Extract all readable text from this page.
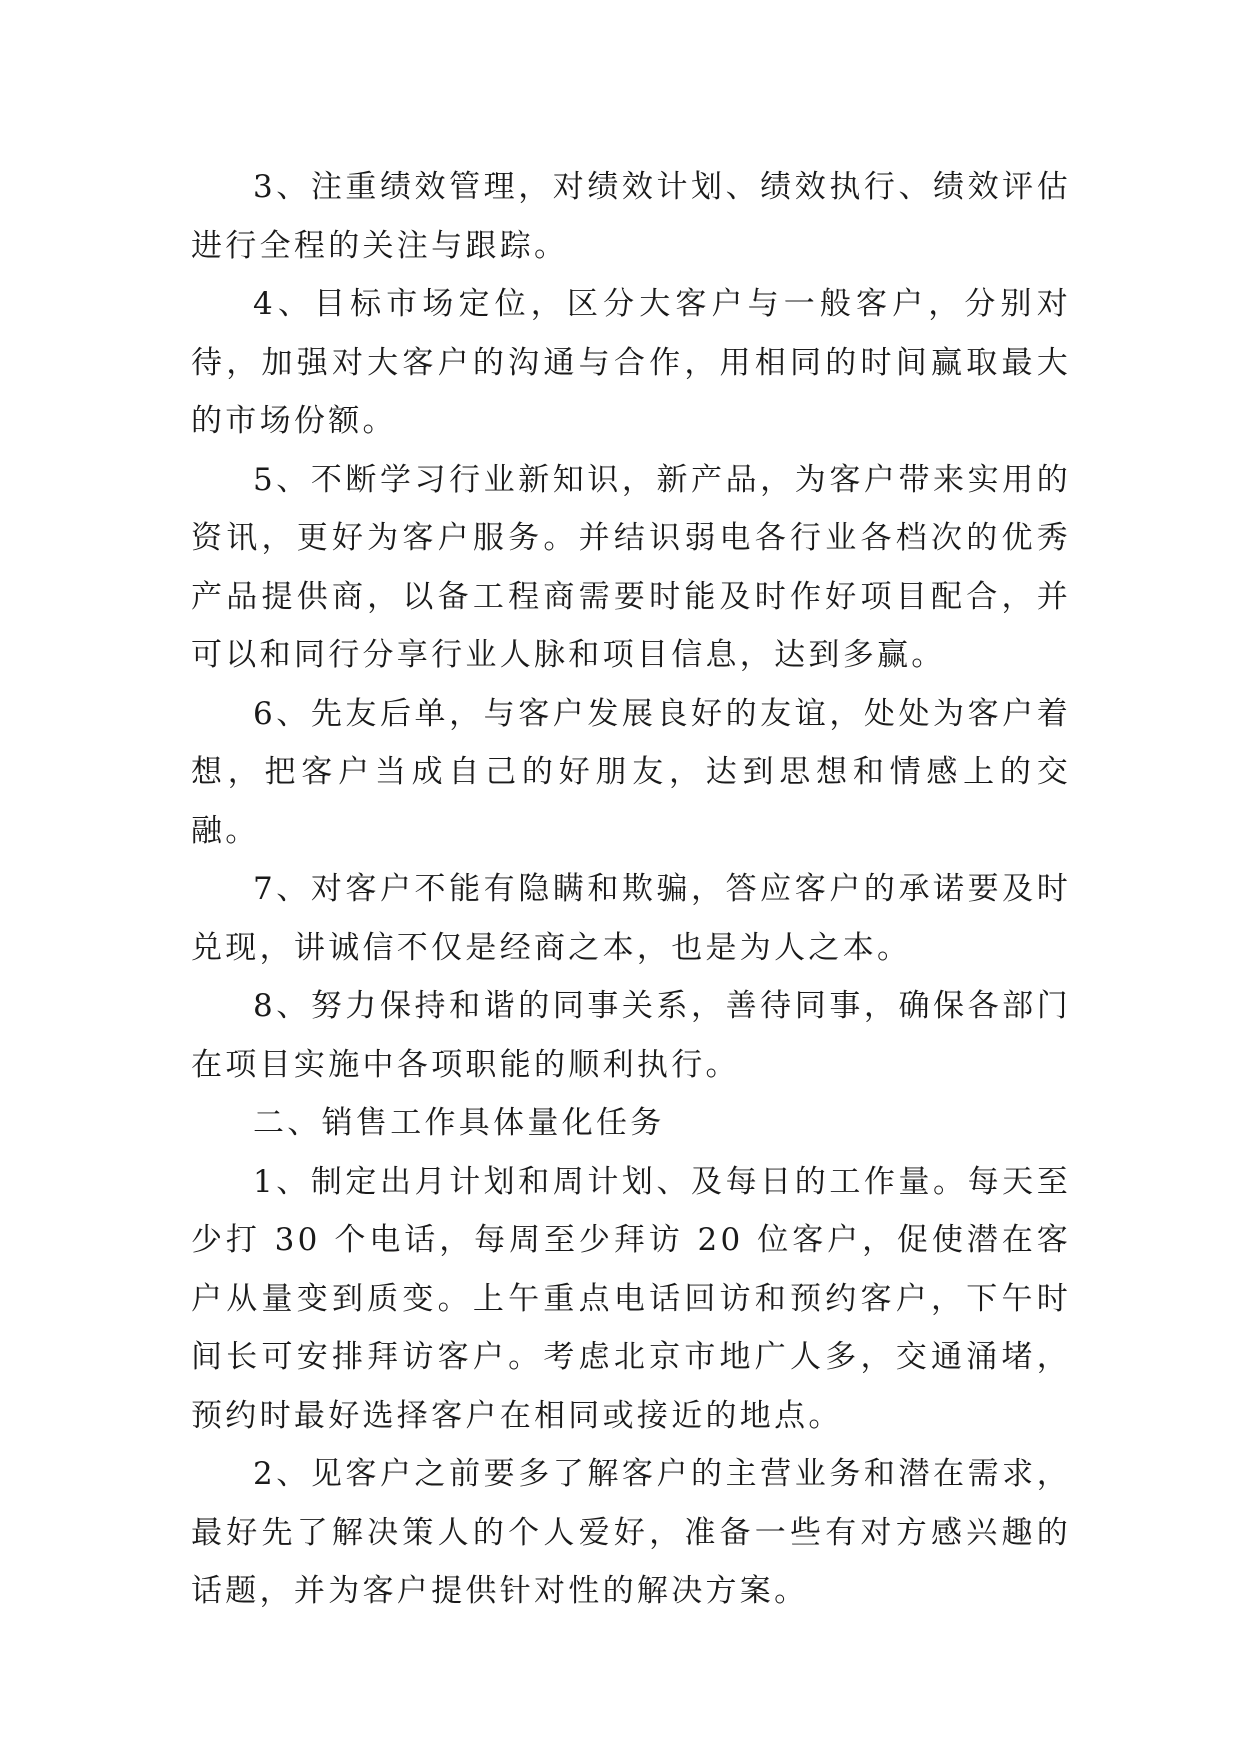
3、注重绩效管理，对绩效计划、绩效执行、绩效评估进行全程的关注与跟踪。

4、目标市场定位，区分大客户与一般客户，分别对待，加强对大客户的沟通与合作，用相同的时间赢取最大的市场份额。

5、不断学习行业新知识，新产品，为客户带来实用的资讯，更好为客户服务。并结识弱电各行业各档次的优秀产品提供商，以备工程商需要时能及时作好项目配合，并可以和同行分享行业人脉和项目信息，达到多赢。

6、先友后单，与客户发展良好的友谊，处处为客户着想，把客户当成自己的好朋友，达到思想和情感上的交融。

7、对客户不能有隐瞒和欺骗，答应客户的承诺要及时兑现，讲诚信不仅是经商之本，也是为人之本。

8、努力保持和谐的同事关系，善待同事，确保各部门在项目实施中各项职能的顺利执行。

二、销售工作具体量化任务

1、制定出月计划和周计划、及每日的工作量。每天至少打 30 个电话，每周至少拜访 20 位客户，促使潜在客户从量变到质变。上午重点电话回访和预约客户，下午时间长可安排拜访客户。考虑北京市地广人多，交通涌堵，预约时最好选择客户在相同或接近的地点。

2、见客户之前要多了解客户的主营业务和潜在需求，最好先了解决策人的个人爱好，准备一些有对方感兴趣的话题，并为客户提供针对性的解决方案。
